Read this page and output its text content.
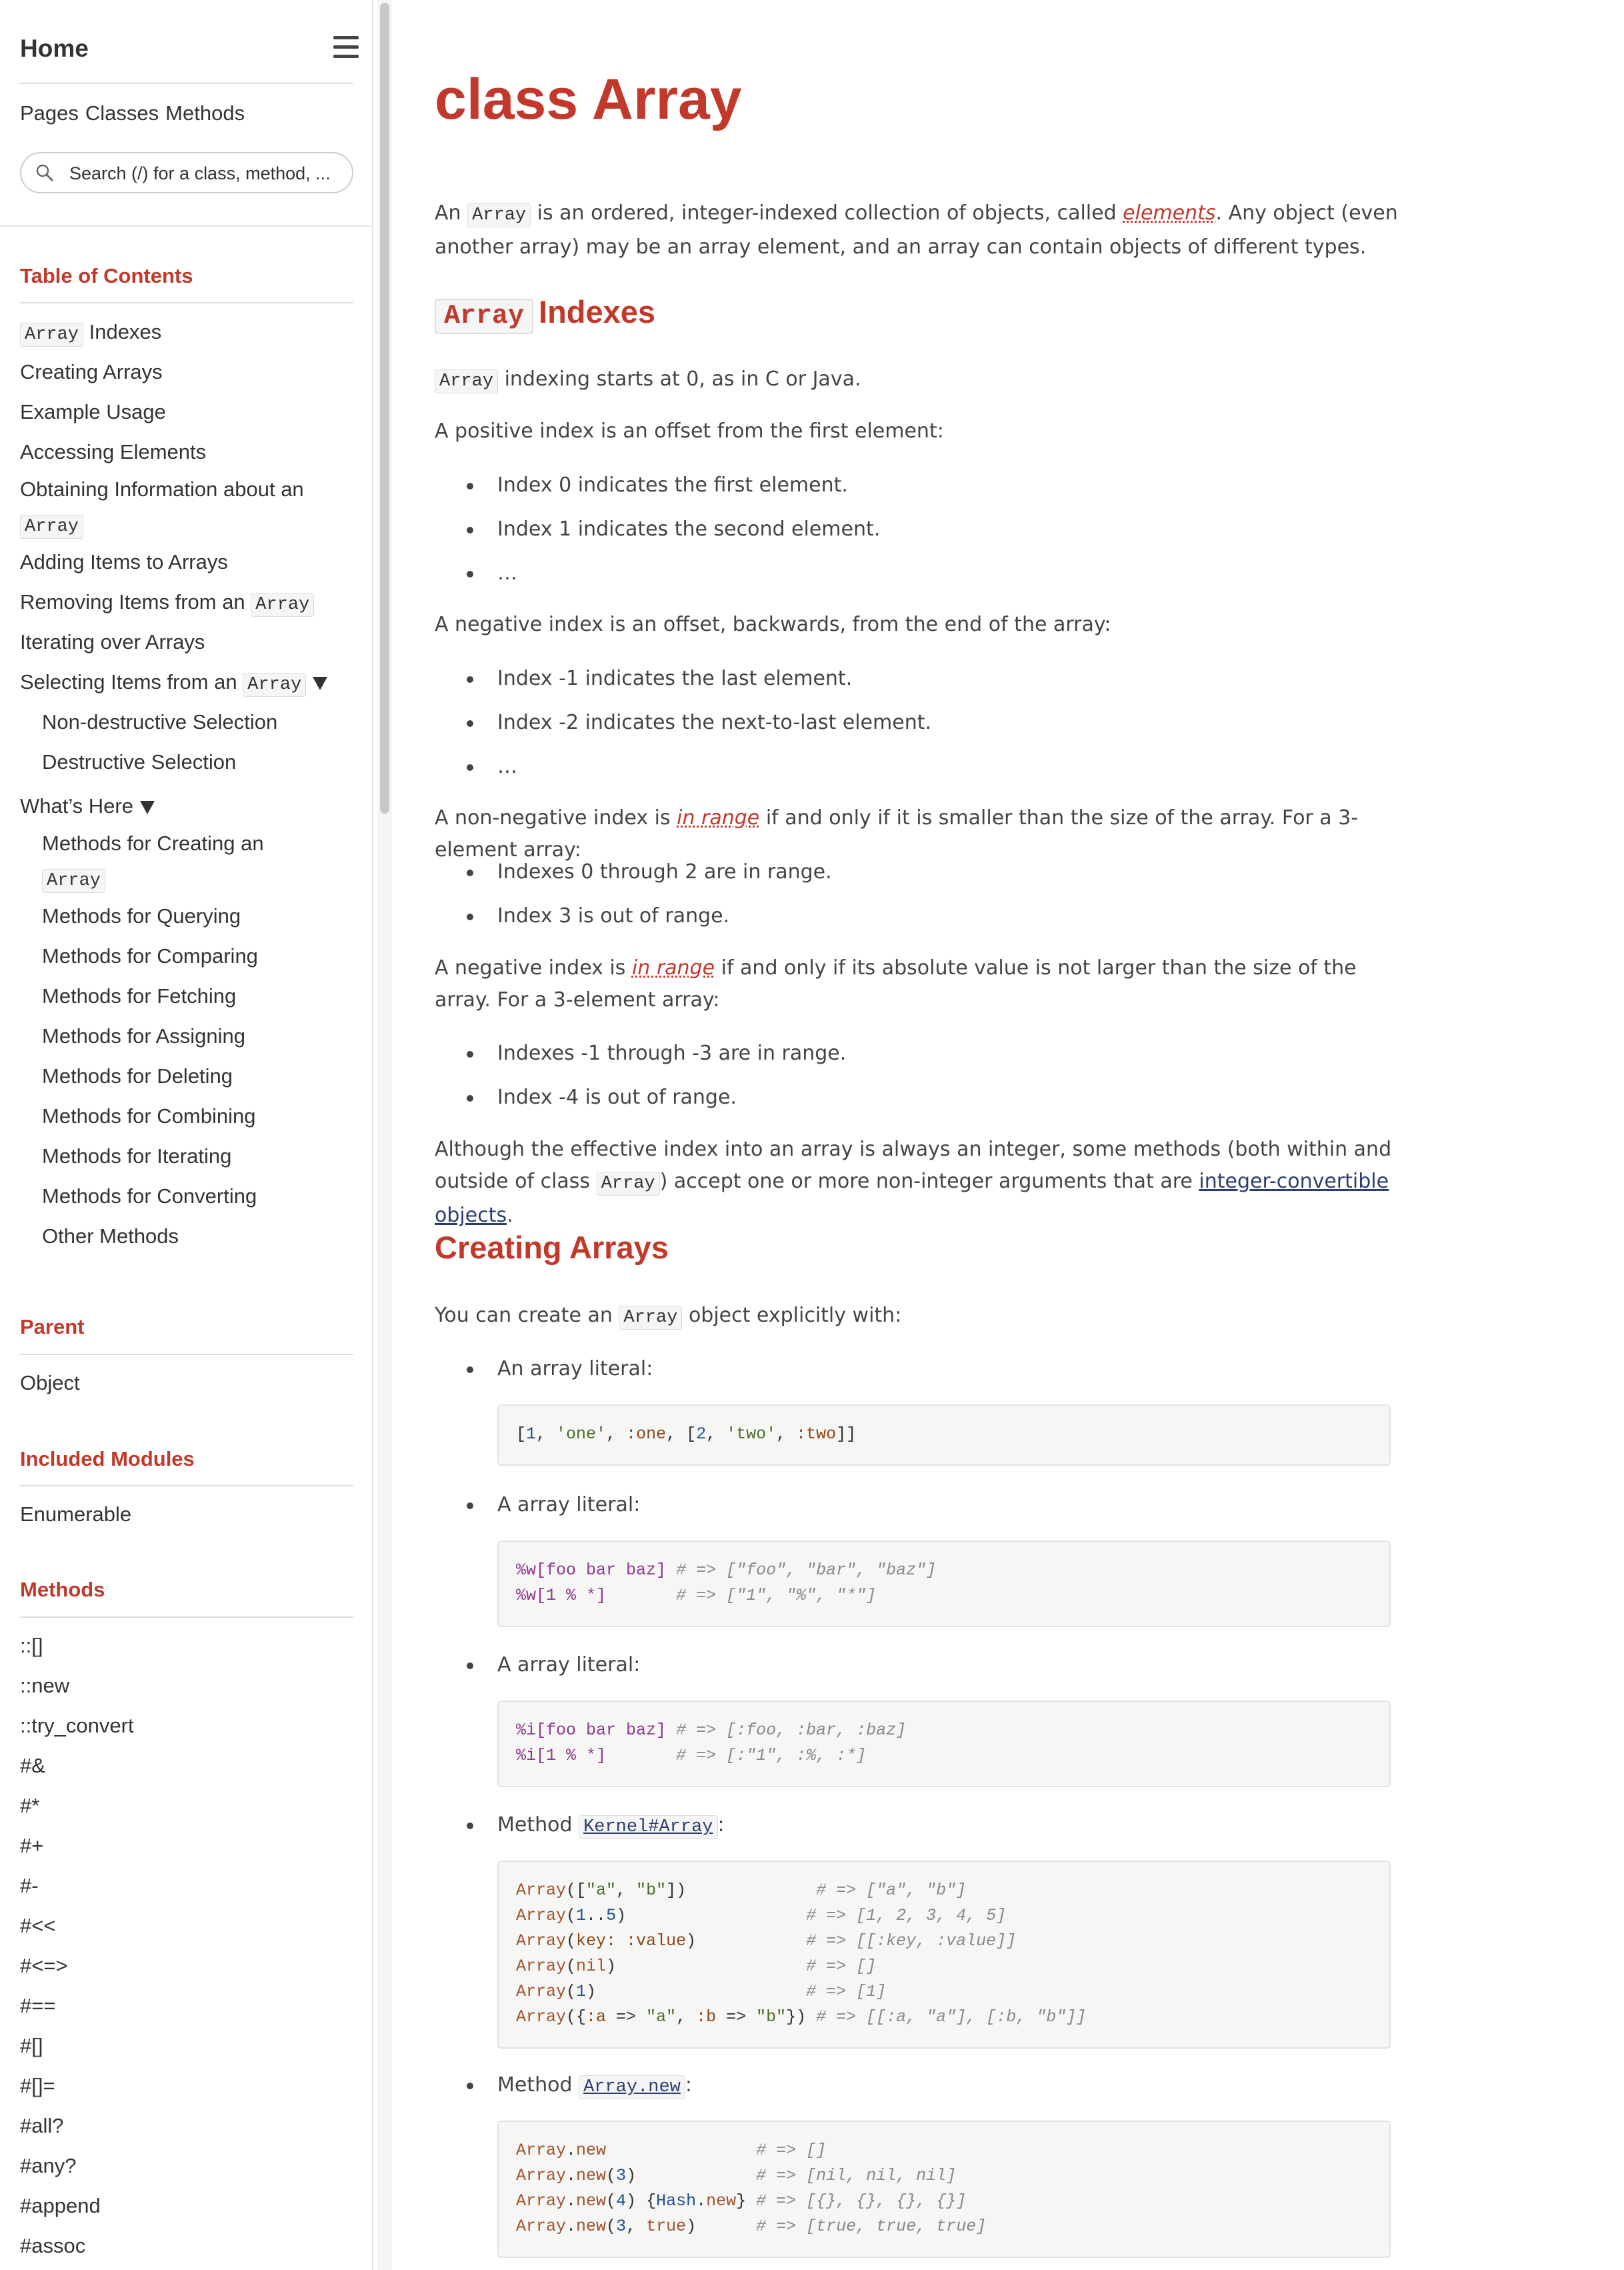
Home
Pages Classes Methods
Search (/) for a class, method, ...
Table of Contents
Array Indexes
Creating Arrays
Example Usage
Accessing Elements
Obtaining Information about an
Array
Adding Items to Arrays
Removing Items from an Array
Iterating over Arrays
Selecting Items from an Array
Non-destructive Selection
Destructive Selection
What’s Here
Methods for Creating an
Array
Methods for Querying
Methods for Comparing
Methods for Fetching
Methods for Assigning
Methods for Deleting
Methods for Combining
Methods for Iterating
Methods for Converting
Other Methods
Parent
Object
Included Modules
Enumerable
Methods
::[]
::new
::try_convert
#&
#*
#+
#-
#<<
#<=>
#==
#[]
#[]=
#all?
#any?
#append
#assoc
class Array
An Array is an ordered, integer-indexed collection of objects, called elements. Any object (even another array) may be an array element, and an array can contain objects of different types.
Array Indexes
Array indexing starts at 0, as in C or Java.
A positive index is an offset from the first element:
Index 0 indicates the first element.
Index 1 indicates the second element.
…
A negative index is an offset, backwards, from the end of the array:
Index -1 indicates the last element.
Index -2 indicates the next-to-last element.
…
A non-negative index is in range if and only if it is smaller than the size of the array. For a 3-element array:
Indexes 0 through 2 are in range.
Index 3 is out of range.
A negative index is in range if and only if its absolute value is not larger than the size of the array. For a 3-element array:
Indexes -1 through -3 are in range.
Index -4 is out of range.
Although the effective index into an array is always an integer, some methods (both within and outside of class Array ) accept one or more non-integer arguments that are integer-convertible objects.
Creating Arrays
You can create an Array object explicitly with:
An array literal:
[1, 'one', :one, [2, 'two', :two]]
A array literal:
%w[foo bar baz] # => ["foo", "bar", "baz"]
%w[1 % *]	# => ["1", "%", "*"]
A array literal:
%i[foo bar baz] # => [:foo, :bar, :baz]
%i[1 % *]	# => [:"1", :%, :*]
Method Kernel#Array :
Array(["a", "b"])             # => ["a", "b"]
Array(1..5)                  # => [1, 2, 3, 4, 5]
Array(key: :value)           # => [[:key, :value]]
Array(nil)                   # => []
Array(1)                     # => [1]
Array({:a => "a", :b => "b"}) # => [[:a, "a"], [:b, "b"]]
Method Array.new :
Array.new	# => []
Array.new(3)            # => [nil, nil, nil]
Array.new(4) {Hash.new} # => [{}, {}, {}, {}]
Array.new(3, true)      # => [true, true, true]
